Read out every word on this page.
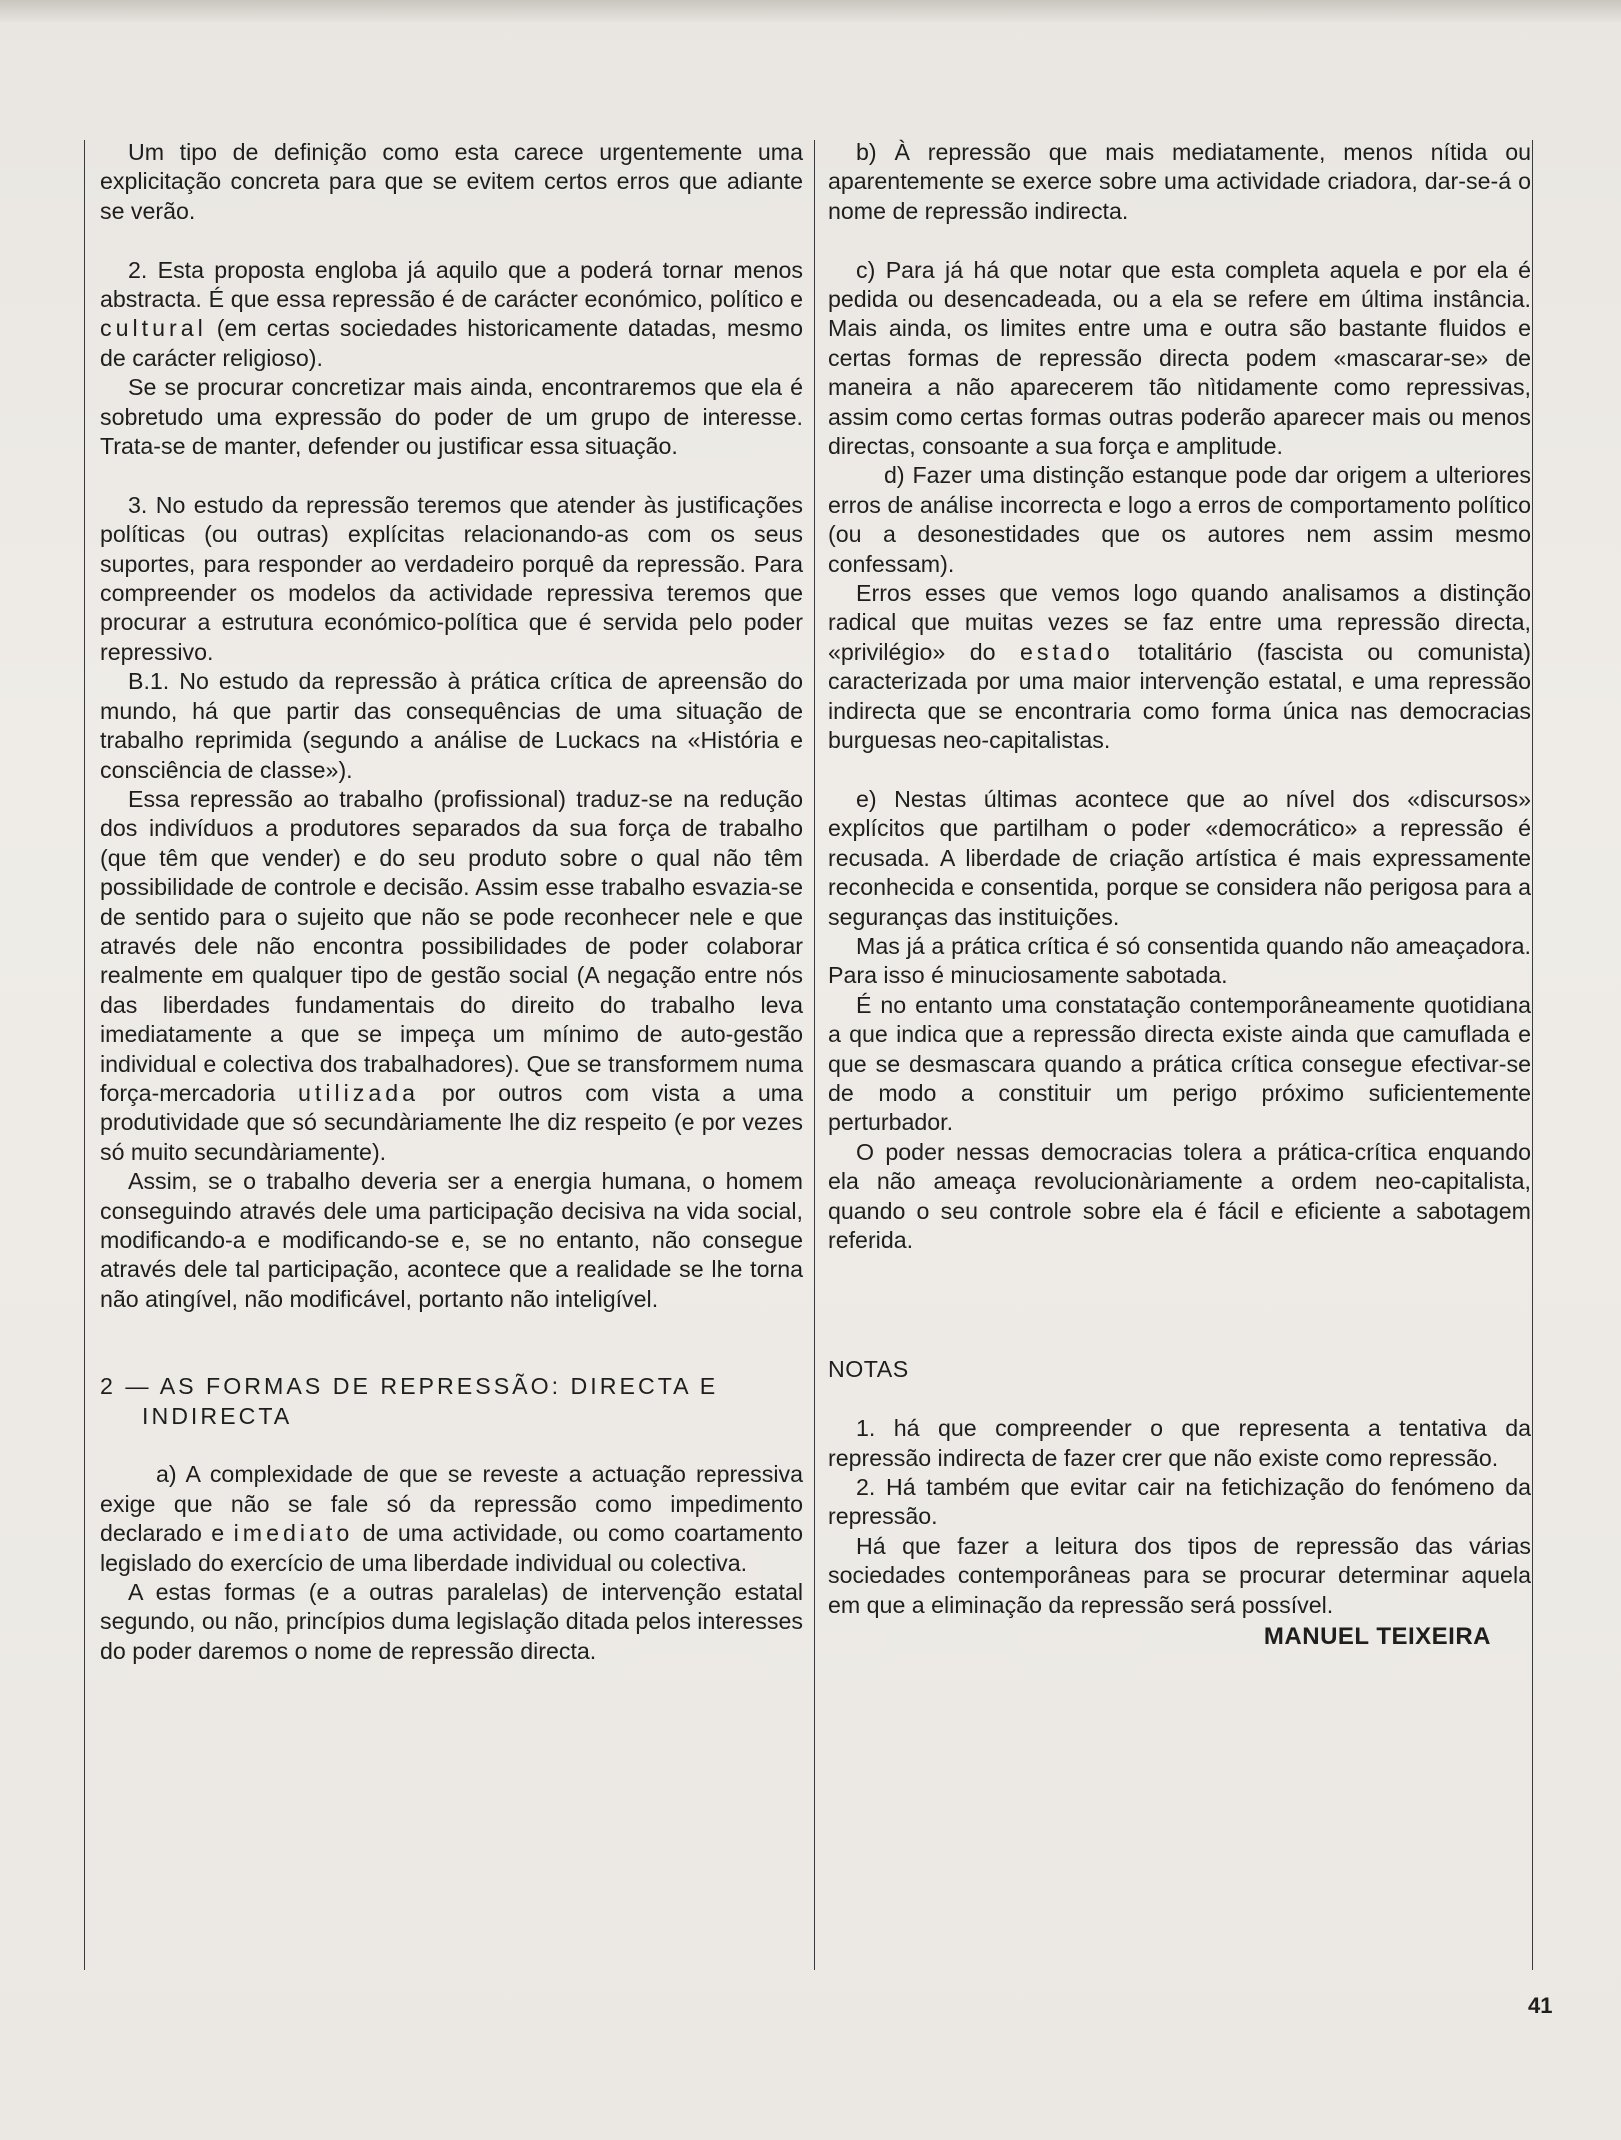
Um tipo de definição como esta carece urgentemente uma explicitação concreta para que se evitem certos erros que adiante se verão.

2. Esta proposta engloba já aquilo que a poderá tornar menos abstracta. É que essa repressão é de carácter económico, político e cultural (em certas sociedades historicamente datadas, mesmo de carácter religioso).

Se se procurar concretizar mais ainda, encontraremos que ela é sobretudo uma expressão do poder de um grupo de interesse. Trata-se de manter, defender ou justificar essa situação.

3. No estudo da repressão teremos que atender às justificações políticas (ou outras) explícitas relacionando-as com os seus suportes, para responder ao verdadeiro porquê da repressão. Para compreender os modelos da actividade repressiva teremos que procurar a estrutura económico-política que é servida pelo poder repressivo.

B.1. No estudo da repressão à prática crítica de apreensão do mundo, há que partir das consequências de uma situação de trabalho reprimida (segundo a análise de Luckacs na «História e consciência de classe»).

Essa repressão ao trabalho (profissional) traduz-se na redução dos indivíduos a produtores separados da sua força de trabalho (que têm que vender) e do seu produto sobre o qual não têm possibilidade de controle e decisão. Assim esse trabalho esvazia-se de sentido para o sujeito que não se pode reconhecer nele e que através dele não encontra possibilidades de poder colaborar realmente em qualquer tipo de gestão social (A negação entre nós das liberdades fundamentais do direito do trabalho leva imediatamente a que se impeça um mínimo de auto-gestão individual e colectiva dos trabalhadores). Que se transformem numa força-mercadoria utilizada por outros com vista a uma produtividade que só secundàriamente lhe diz respeito (e por vezes só muito secundàriamente).

Assim, se o trabalho deveria ser a energia humana, o homem conseguindo através dele uma participação decisiva na vida social, modificando-a e modificando-se e, se no entanto, não consegue através dele tal participação, acontece que a realidade se lhe torna não atingível, não modificável, portanto não inteligível.

2 — AS FORMAS DE REPRESSÃO: DIRECTA E
INDIRECTA

a) A complexidade de que se reveste a actuação repressiva exige que não se fale só da repressão como impedimento declarado e imediato de uma actividade, ou como coartamento legislado do exercício de uma liberdade individual ou colectiva.

A estas formas (e a outras paralelas) de intervenção estatal segundo, ou não, princípios duma legislação ditada pelos interesses do poder daremos o nome de repressão directa.

b) À repressão que mais mediatamente, menos nítida ou aparentemente se exerce sobre uma actividade criadora, dar-se-á o nome de repressão indirecta.

c) Para já há que notar que esta completa aquela e por ela é pedida ou desencadeada, ou a ela se refere em última instância. Mais ainda, os limites entre uma e outra são bastante fluidos e certas formas de repressão directa podem «mascarar-se» de maneira a não aparecerem tão nìtidamente como repressivas, assim como certas formas outras poderão aparecer mais ou menos directas, consoante a sua força e amplitude.

d) Fazer uma distinção estanque pode dar origem a ulteriores erros de análise incorrecta e logo a erros de comportamento político (ou a desonestidades que os autores nem assim mesmo confessam).

Erros esses que vemos logo quando analisamos a distinção radical que muitas vezes se faz entre uma repressão directa, «privilégio» do estado totalitário (fascista ou comunista) caracterizada por uma maior intervenção estatal, e uma repressão indirecta que se encontraria como forma única nas democracias burguesas neo-capitalistas.

e) Nestas últimas acontece que ao nível dos «discursos» explícitos que partilham o poder «democrático» a repressão é recusada. A liberdade de criação artística é mais expressamente reconhecida e consentida, porque se considera não perigosa para a seguranças das instituições.

Mas já a prática crítica é só consentida quando não ameaçadora. Para isso é minuciosamente sabotada.

É no entanto uma constatação contemporâneamente quotidiana a que indica que a repressão directa existe ainda que camuflada e que se desmascara quando a prática crítica consegue efectivar-se de modo a constituir um perigo próximo suficientemente perturbador.

O poder nessas democracias tolera a prática-crítica enquando ela não ameaça revolucionàriamente a ordem neo-capitalista, quando o seu controle sobre ela é fácil e eficiente a sabotagem referida.

NOTAS

1. há que compreender o que representa a tentativa da repressão indirecta de fazer crer que não existe como repressão.

2. Há também que evitar cair na fetichização do fenómeno da repressão.

Há que fazer a leitura dos tipos de repressão das várias sociedades contemporâneas para se procurar determinar aquela em que a eliminação da repressão será possível.

MANUEL TEIXEIRA
41
